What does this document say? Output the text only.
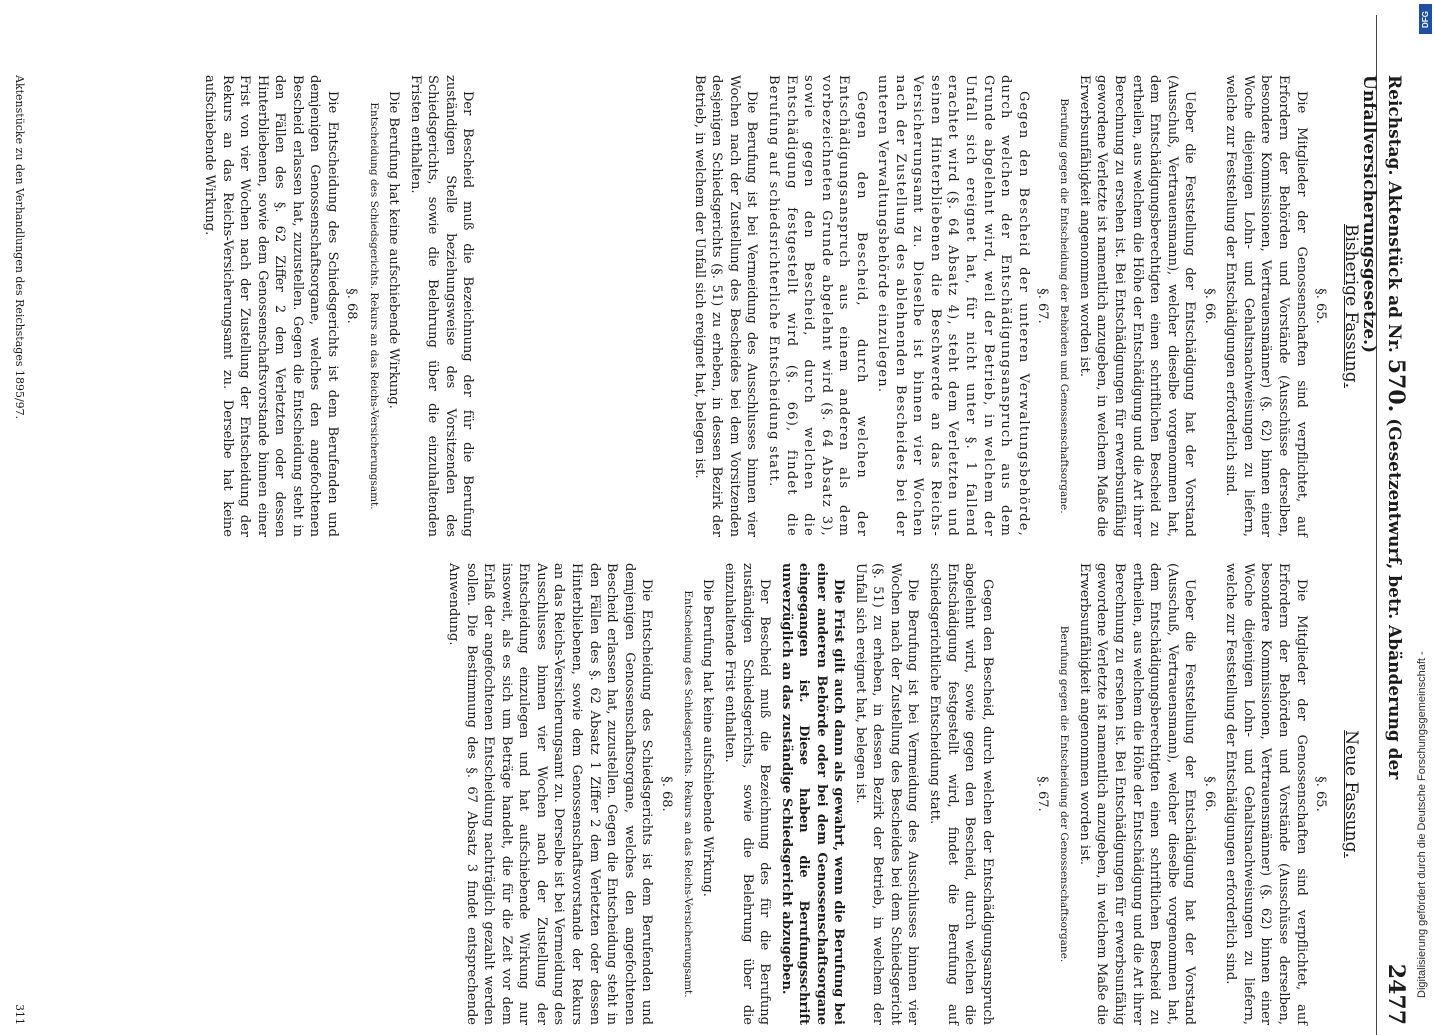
Reichstag. Aktenstück ad Nr. 570. (Gesetzentwurf, betr. Abänderung der Unfallversicherungsgesetze.)
2477
Bisherige Fassung.
§. 65.

Die Mitglieder der Genossenschaften sind verpflichtet, auf Erfordern der Behörden und Vorstände (Ausschüsse derselben, besondere Kommissionen, Vertrauensmänner) (§. 62) binnen einer Woche diejenigen Lohn- und Gehaltsnachweisungen zu liefern, welche zur Feststellung der Entschädigungen erforderlich sind.

§. 66.

Ueber die Feststellung der Entschädigung hat der Vorstand (Ausschuß, Vertrauensmann), welcher dieselbe vorgenommen hat, dem Entschädigungsberechtigten einen schriftlichen Bescheid zu ertheilen, aus welchem die Höhe der Entschädigung und die Art ihrer Berechnung zu ersehen ist. Bei Entschädigungen für erwerbsunfähig gewordene Verletzte ist namentlich anzugeben, in welchem Maße die Erwerbsunfähigkeit angenommen worden ist.

Berufung gegen die Entscheidung der Behörden und Genossenschaftsorgane.
§. 67.

Gegen den Bescheid der unteren Verwaltungsbehörde, durch welchen der Entschädigungsanspruch aus dem Grunde abgelehnt wird, weil der Betrieb, in welchem der Unfall sich ereignet hat, für nicht unter §. 1 fallend erachtet wird (§. 64 Absatz 4), steht dem Verletzten und seinen Hinterbliebenen die Beschwerde an das Reichs-Versicherungsamt zu. Dieselbe ist binnen vier Wochen nach der Zustellung des ablehnenden Bescheides bei der unteren Verwaltungsbehörde einzulegen.

Gegen den Bescheid, durch welchen der Entschädigungsanspruch aus einem anderen als dem vorbezeichneten Grunde abgelehnt wird (§. 64 Absatz 3), sowie gegen den Bescheid, durch welchen die Entschädigung festgestellt wird (§. 66), findet die Berufung auf schiedsrichterliche Entscheidung statt.

Die Berufung ist bei Vermeidung des Ausschlusses binnen vier Wochen nach der Zustellung des Bescheides bei dem Vorsitzenden desjenigen Schiedsgerichts (§. 51) zu erheben, in dessen Bezirk der Betrieb, in welchem der Unfall sich ereignet hat, belegen ist.

Der Bescheid muß die Bezeichnung der für die Berufung zuständigen Stelle beziehungsweise des Vorsitzenden des Schiedsgerichts, sowie die Belehrung über die einzuhaltenden Fristen enthalten.

Die Berufung hat keine aufschiebende Wirkung.

Entscheidung des Schiedsgerichts. Rekurs an das Reichs-Versicherungsamt.
§. 68.

Die Entscheidung des Schiedsgerichts ist dem Berufenden und demjenigen Genossenschaftsorgane, welches den angefochtenen Bescheid erlassen hat, zuzustellen. Gegen die Entscheidung steht in den Fällen des §. 62 Ziffer 2 dem Verletzten oder dessen Hinterbliebenen, sowie dem Genossenschaftsvorstande binnen einer Frist von vier Wochen nach der Zustellung der Entscheidung der Rekurs an das Reichs-Versicherungsamt zu. Derselbe hat keine aufschiebende Wirkung.

Neue Fassung.
§. 65.

Die Mitglieder der Genossenschaften sind verpflichtet, auf Erfordern der Behörden und Vorstände (Ausschüsse derselben, besondere Kommissionen, Vertrauensmänner) (§. 62) binnen einer Woche diejenigen Lohn- und Gehaltsnachweisungen zu liefern, welche zur Feststellung der Entschädigungen erforderlich sind.

§. 66.

Ueber die Feststellung der Entschädigung hat der Vorstand (Ausschuß, Vertrauensmann), welcher dieselbe vorgenommen hat, dem Entschädigungsberechtigten einen schriftlichen Bescheid zu ertheilen, aus welchem die Höhe der Entschädigung und die Art ihrer Berechnung zu ersehen ist. Bei Entschädigungen für erwerbsunfähig gewordene Verletzte ist namentlich anzugeben, in welchem Maße die Erwerbsunfähigkeit angenommen worden ist.

Berufung gegen die Entscheidung der Genossenschaftsorgane.
§. 67.

Gegen den Bescheid, durch welchen der Entschädigungsanspruch abgelehnt wird, sowie gegen den Bescheid, durch welchen die Entschädigung festgestellt wird, findet die Berufung auf schiedsgerichtliche Entscheidung statt.

Die Berufung ist bei Vermeidung des Ausschlusses binnen vier Wochen nach der Zustellung des Bescheides bei dem Schiedsgericht (§. 51) zu erheben, in dessen Bezirk der Betrieb, in welchem der Unfall sich ereignet hat, belegen ist.

Die Frist gilt auch dann als gewahrt, wenn die Berufung bei einer anderen Behörde oder bei dem Genossenschaftsorgane eingegangen ist. Diese haben die Berufungsschrift unverzüglich an das zuständige Schiedsgericht abzugeben.

Der Bescheid muß die Bezeichnung des für die Berufung zuständigen Schiedsgerichts, sowie die Belehrung über die einzuhaltende Frist enthalten.

Die Berufung hat keine aufschiebende Wirkung.

Entscheidung des Schiedsgerichts. Rekurs an das Reichs-Versicherungsamt.
§. 68.

Die Entscheidung des Schiedsgerichts ist dem Berufenden und demjenigen Genossenschaftsorgane, welches den angefochtenen Bescheid erlassen hat, zuzustellen. Gegen die Entscheidung steht in den Fällen des §. 62 Absatz 1 Ziffer 2 dem Verletzten oder dessen Hinterbliebenen, sowie dem Genossenschaftsvorstande der Rekurs an das Reichs-Versicherungsamt zu. Derselbe ist bei Vermeidung des Ausschlusses binnen vier Wochen nach der Zustellung der Entscheidung einzulegen und hat aufschiebende Wirkung nur insoweit, als es sich um Beträge handelt, die für die Zeit vor dem Erlaß der angefochtenen Entscheidung nachträglich gezahlt werden sollen. Die Bestimmung des §. 67 Absatz 3 findet entsprechende Anwendung.

Aktenstücke zu den Verhandlungen des Reichstages 1895/97.
311
Digitalisierung gefördert durch die Deutsche Forschungsgemeinschaft -
DFG
